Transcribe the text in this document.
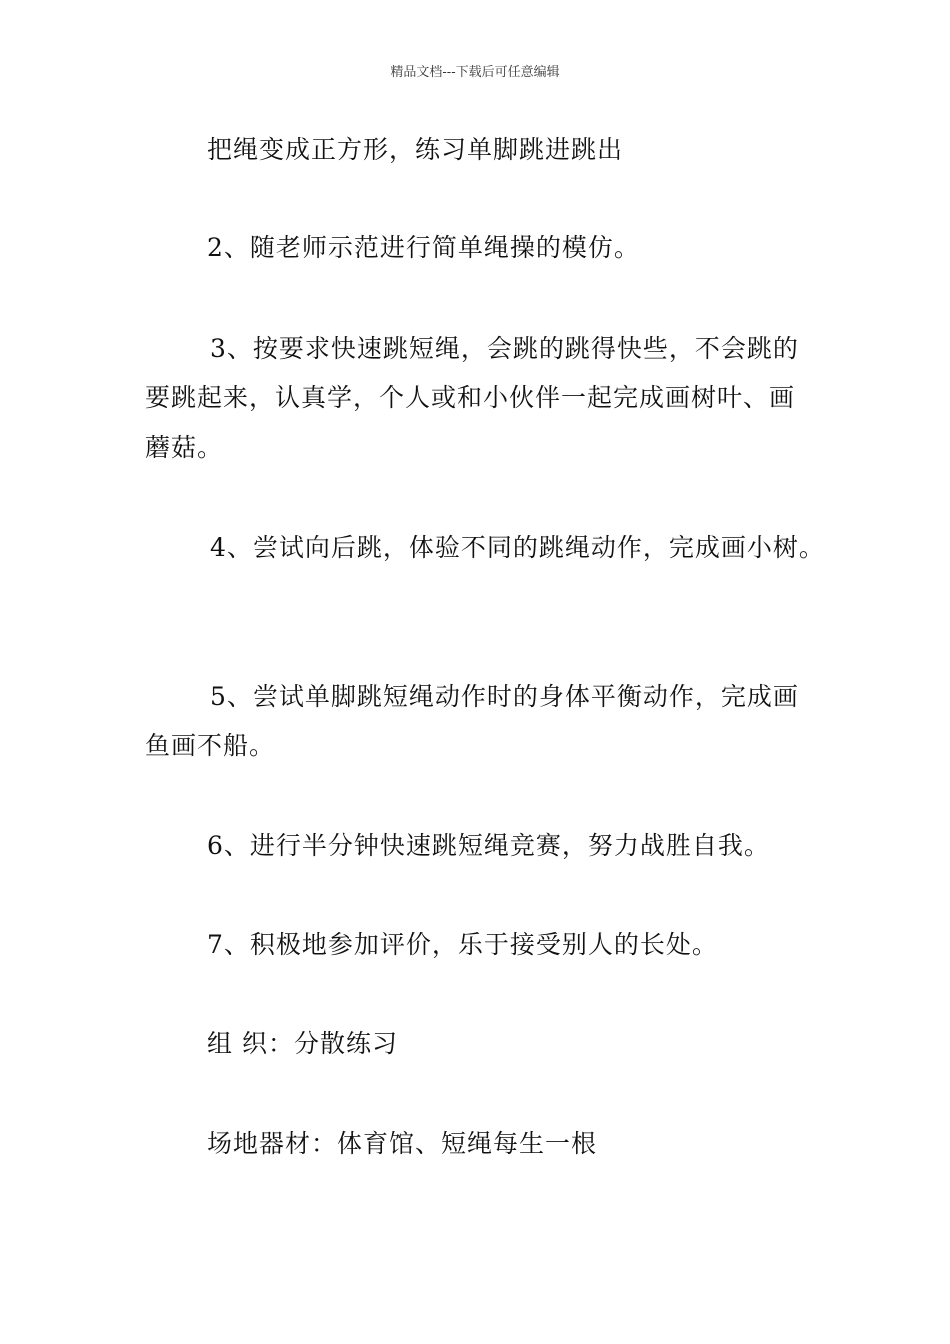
精品文档---下载后可任意编辑
把绳变成正方形，练习单脚跳进跳出
2、随老师示范进行简单绳操的模仿。
3、按要求快速跳短绳，会跳的跳得快些，不会跳的
要跳起来，认真学，个人或和小伙伴一起完成画树叶、画
蘑菇。
4、尝试向后跳，体验不同的跳绳动作，完成画小树。
5、尝试单脚跳短绳动作时的身体平衡动作，完成画
鱼画不船。
6、进行半分钟快速跳短绳竞赛，努力战胜自我。
7、积极地参加评价，乐于接受别人的长处。
组 织：分散练习
场地器材：体育馆、短绳每生一根
